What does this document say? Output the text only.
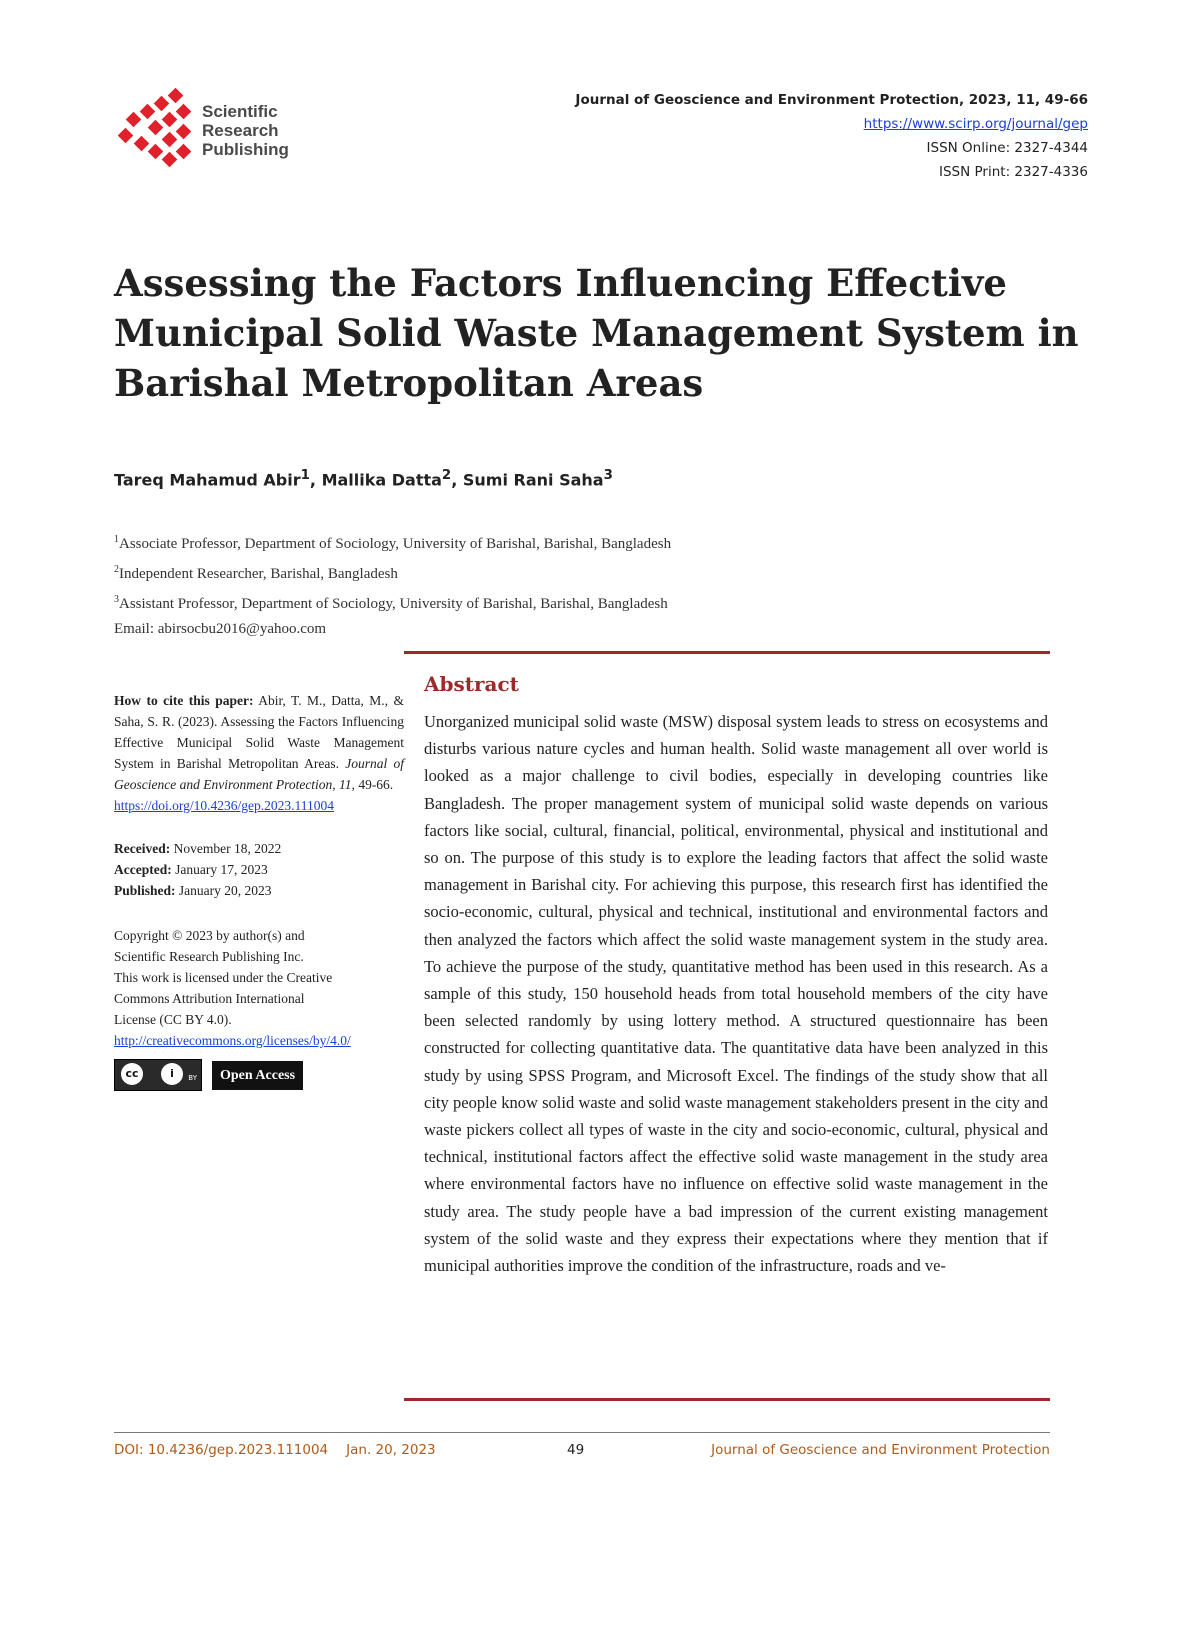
Scientific
Research
Publishing
Journal of Geoscience and Environment Protection, 2023, 11, 49-66
https://www.scirp.org/journal/gep
ISSN Online: 2327-4344
ISSN Print: 2327-4336
Assessing the Factors Influencing Effective
Municipal Solid Waste Management System in
Barishal Metropolitan Areas
Tareq Mahamud Abir$^1$, Mallika Datta$^2$, Sumi Rani Saha$^3$
$^1$Associate Professor, Department of Sociology, University of Barishal, Barishal, Bangladesh
$^2$Independent Researcher, Barishal, Bangladesh
$^3$Assistant Professor, Department of Sociology, University of Barishal, Barishal, Bangladesh
Email: abirsocbu2016@yahoo.com
How to cite this paper: Abir, T. M., Datta, M., & Saha, S. R. (2023). Assessing the Factors Influencing Effective Municipal Solid Waste Management System in Barishal Metropolitan Areas. Journal of Geoscience and Environment Protection, 11, 49-66.
https://doi.org/10.4236/gep.2023.111004
Received: November 18, 2022
Accepted: January 17, 2023
Published: January 20, 2023
Copyright © 2023 by author(s) and
Scientific Research Publishing Inc.
This work is licensed under the Creative
Commons Attribution International
License (CC BY 4.0).
http://creativecommons.org/licenses/by/4.0/
cc	i	BY	Open Access
Abstract

Unorganized municipal solid waste (MSW) disposal system leads to stress on ecosystems and disturbs various nature cycles and human health. Solid waste management all over world is looked as a major challenge to civil bodies, especially in developing countries like Bangladesh. The proper management system of municipal solid waste depends on various factors like social, cultural, financial, political, environmental, physical and institutional and so on. The purpose of this study is to explore the leading factors that affect the solid waste management in Barishal city. For achieving this purpose, this research first has identified the socio-economic, cultural, physical and technical, institutional and environmental factors and then analyzed the factors which affect the solid waste management system in the study area. To achieve the purpose of the study, quantitative method has been used in this research. As a sample of this study, 150 household heads from total household members of the city have been selected randomly by using lottery method. A structured questionnaire has been constructed for collecting quantitative data. The quantitative data have been analyzed in this study by using SPSS Program, and Microsoft Excel. The findings of the study show that all city people know solid waste and solid waste management stakeholders present in the city and waste pickers collect all types of waste in the city and socio-economic, cultural, physical and technical, institutional factors affect the effective solid waste management in the study area where environmental factors have no influence on effective solid waste management in the study area. The study people have a bad impression of the current existing management system of the solid waste and they express their expectations where they mention that if municipal authorities improve the condition of the infrastructure, roads and ve-

DOI: 10.4236/gep.2023.111004 Jan. 20, 2023	49	Journal of Geoscience and Environment Protection
